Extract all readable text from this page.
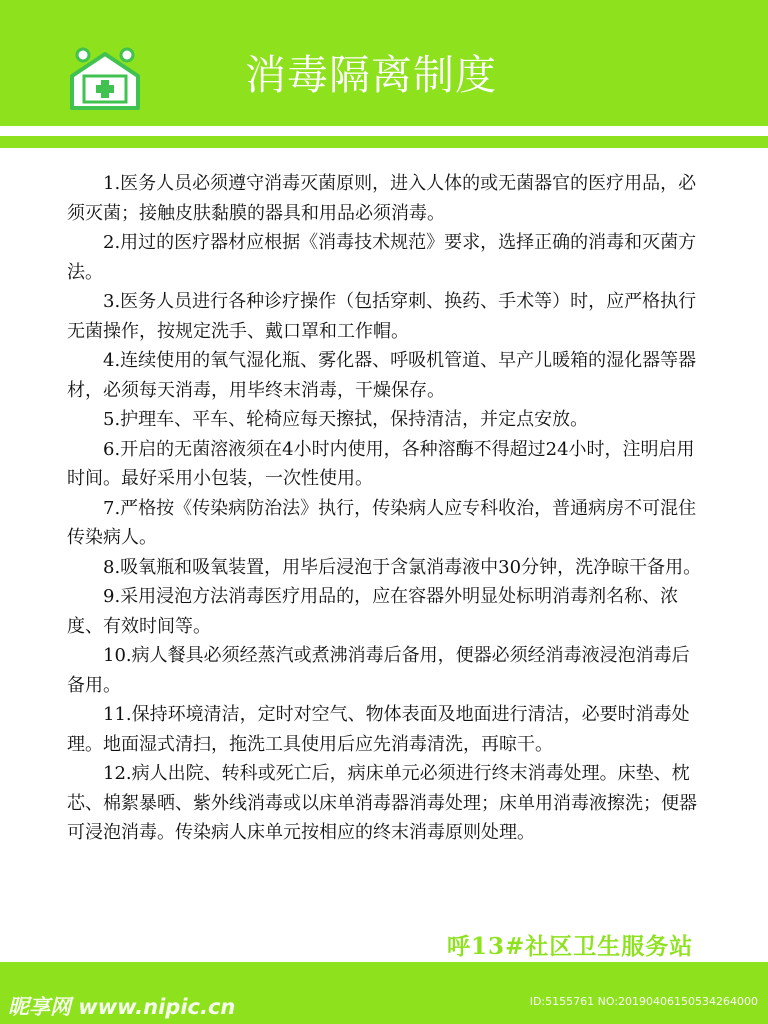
消毒隔离制度

1.医务人员必须遵守消毒灭菌原则，进入人体的或无菌器官的医疗用品，必须灭菌；接触皮肤黏膜的器具和用品必须消毒。

2.用过的医疗器材应根据《消毒技术规范》要求，选择正确的消毒和灭菌方法。

3.医务人员进行各种诊疗操作（包括穿刺、换药、手术等）时，应严格执行无菌操作，按规定洗手、戴口罩和工作帽。

4.连续使用的氧气湿化瓶、雾化器、呼吸机管道、早产儿暖箱的湿化器等器材，必须每天消毒，用毕终末消毒，干燥保存。

5.护理车、平车、轮椅应每天擦拭，保持清洁，并定点安放。

6.开启的无菌溶液须在4小时内使用，各种溶酶不得超过24小时，注明启用时间。最好采用小包装，一次性使用。

7.严格按《传染病防治法》执行，传染病人应专科收治，普通病房不可混住传染病人。

8.吸氧瓶和吸氧装置，用毕后浸泡于含氯消毒液中30分钟，洗净晾干备用。

9.采用浸泡方法消毒医疗用品的，应在容器外明显处标明消毒剂名称、浓度、有效时间等。

10.病人餐具必须经蒸汽或煮沸消毒后备用，便器必须经消毒液浸泡消毒后备用。

11.保持环境清洁，定时对空气、物体表面及地面进行清洁，必要时消毒处理。地面湿式清扫，拖洗工具使用后应先消毒清洗，再晾干。

12.病人出院、转科或死亡后，病床单元必须进行终末消毒处理。床垫、枕芯、棉絮暴晒、紫外线消毒或以床单消毒器消毒处理；床单用消毒液擦洗；便器可浸泡消毒。传染病人床单元按相应的终末消毒原则处理。

呼13#社区卫生服务站
昵享网 www.nipic.cn	ID:5155761 NO:20190406150534264000
